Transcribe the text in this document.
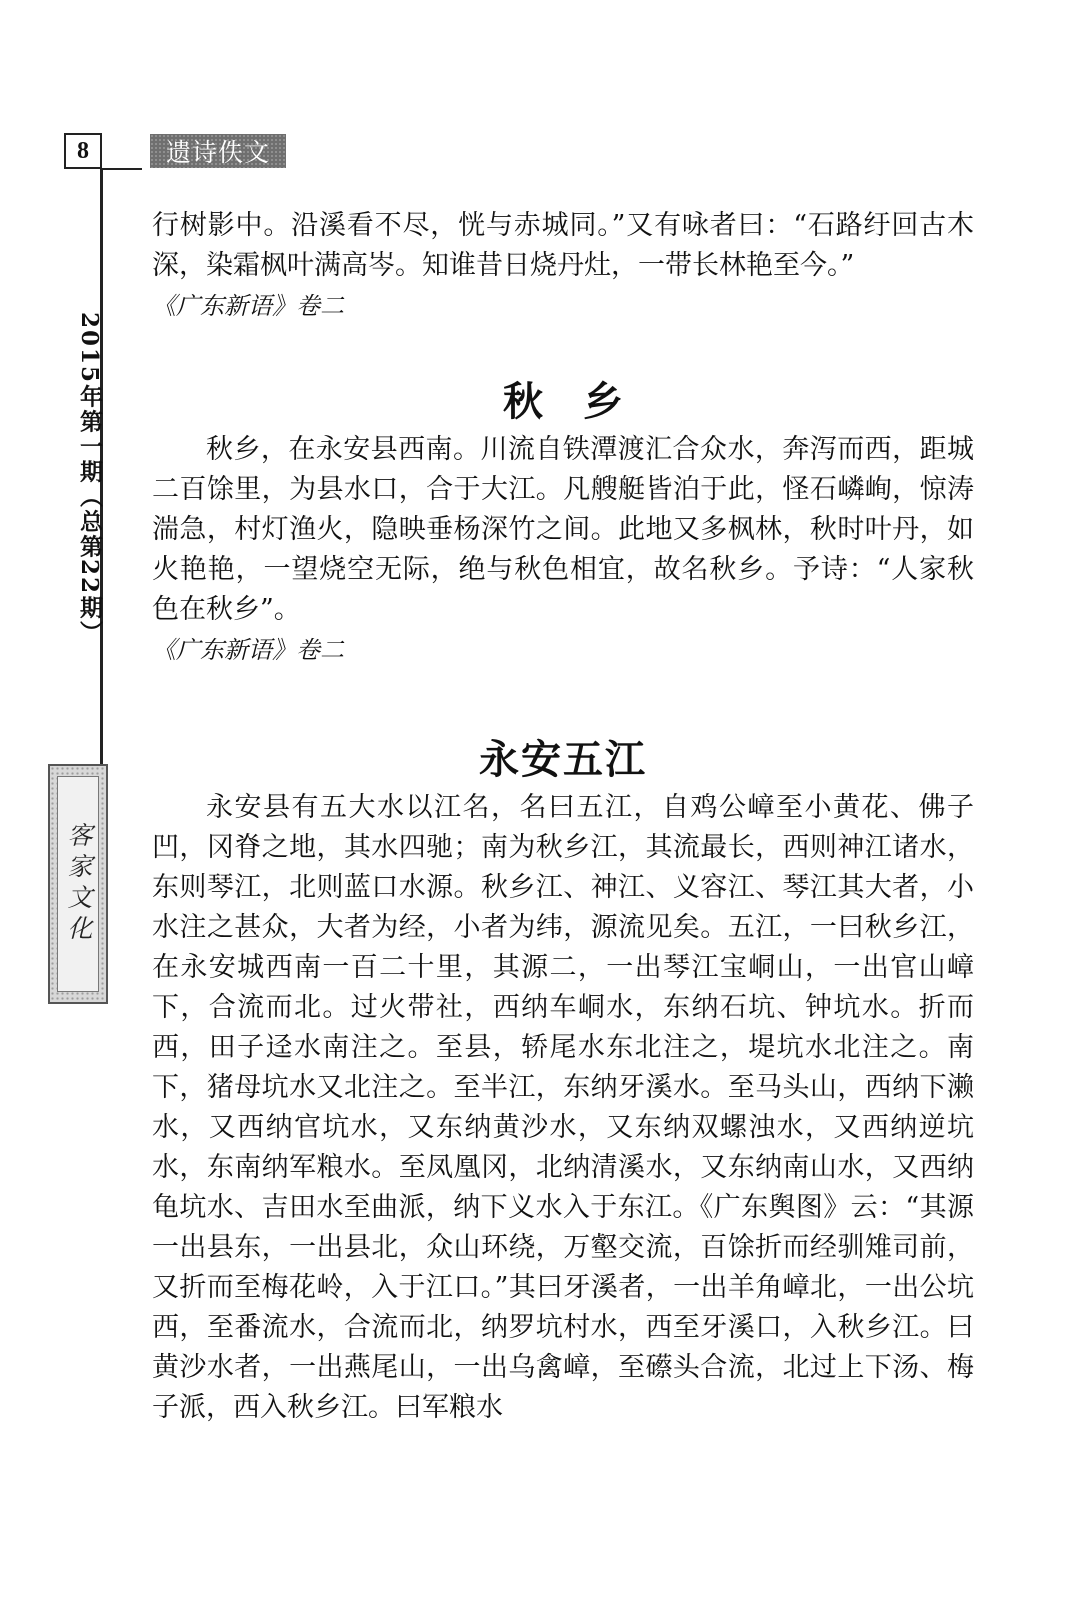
8	遗诗佚文
2015年第一期（总第22期）
客家文化

行树影中。沿溪看不尽，恍与赤城同。”又有咏者曰：“石路纡回古木深，染霜枫叶满高岑。知谁昔日烧丹灶，一带长林艳至今。”

《广东新语》卷二

秋乡

秋乡，在永安县西南。川流自铁潭渡汇合众水，奔泻而西，距城二百馀里，为县水口，合于大江。凡艘艇皆泊于此，怪石嶙峋，惊涛湍急，村灯渔火，隐映垂杨深竹之间。此地又多枫林，秋时叶丹，如火艳艳，一望烧空无际，绝与秋色相宜，故名秋乡。予诗：“人家秋色在秋乡”。

《广东新语》卷二

永安五江

永安县有五大水以江名，名曰五江，自鸡公嶂至小黄花、佛子凹，冈脊之地，其水四驰；南为秋乡江，其流最长，西则神江诸水，东则琴江，北则蓝口水源。秋乡江、神江、义容江、琴江其大者，小水注之甚众，大者为经，小者为纬，源流见矣。五江，一曰秋乡江，在永安城西南一百二十里，其源二，一出琴江宝峒山，一出官山嶂下，合流而北。过火带社，西纳车峒水，东纳石坑、钟坑水。折而西，田子迳水南注之。至县，轿尾水东北注之，堤坑水北注之。南下，猪母坑水又北注之。至半江，东纳牙溪水。至马头山，西纳下濑水，又西纳官坑水，又东纳黄沙水，又东纳双螺浊水，又西纳逆坑水，东南纳军粮水。至凤凰冈，北纳清溪水，又东纳南山水，又西纳龟坑水、吉田水至曲派，纳下义水入于东江。《广东舆图》云：“其源一出县东，一出县北，众山环绕，万壑交流，百馀折而经驯雉司前，又折而至梅花岭，入于江口。”其曰牙溪者，一出羊角嶂北，一出公坑西，至番流水，合流而北，纳罗坑村水，西至牙溪口，入秋乡江。曰黄沙水者，一出燕尾山，一出乌禽嶂，至礤头合流，北过上下汤、梅子派，西入秋乡江。曰军粮水
